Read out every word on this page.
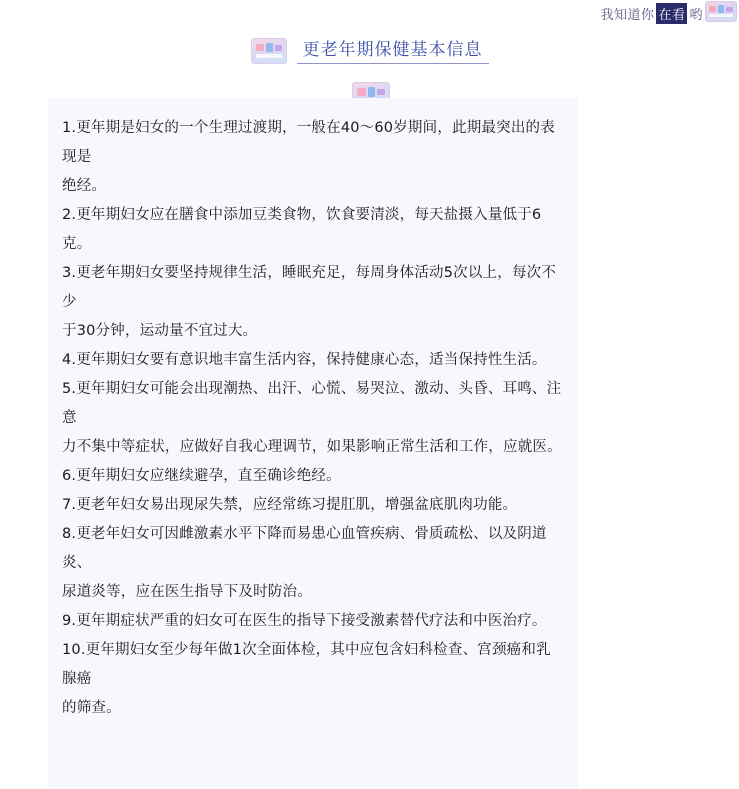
我知道你 在看 哟
更老年期保健基本信息

1.更年期是妇女的一个生理过渡期，一般在40～60岁期间，此期最突出的表现是
绝经。

2.更年期妇女应在膳食中添加豆类食物，饮食要清淡，每天盐摄入量低于6 克。

3.更老年期妇女要坚持规律生活，睡眠充足，每周身体活动5次以上，每次不少
于30分钟，运动量不宜过大。

4.更年期妇女要有意识地丰富生活内容，保持健康心态，适当保持性生活。

5.更年期妇女可能会出现潮热、出汗、心慌、易哭泣、激动、头昏、耳鸣、注意
力不集中等症状，应做好自我心理调节，如果影响正常生活和工作，应就医。

6.更年期妇女应继续避孕，直至确诊绝经。

7.更老年妇女易出现尿失禁，应经常练习提肛肌，增强盆底肌肉功能。

8.更老年妇女可因雌激素水平下降而易患心血管疾病、骨质疏松、以及阴道炎、
尿道炎等，应在医生指导下及时防治。

9.更年期症状严重的妇女可在医生的指导下接受激素替代疗法和中医治疗。

10.更年期妇女至少每年做1次全面体检，其中应包含妇科检查、宫颈癌和乳腺癌
的筛查。
